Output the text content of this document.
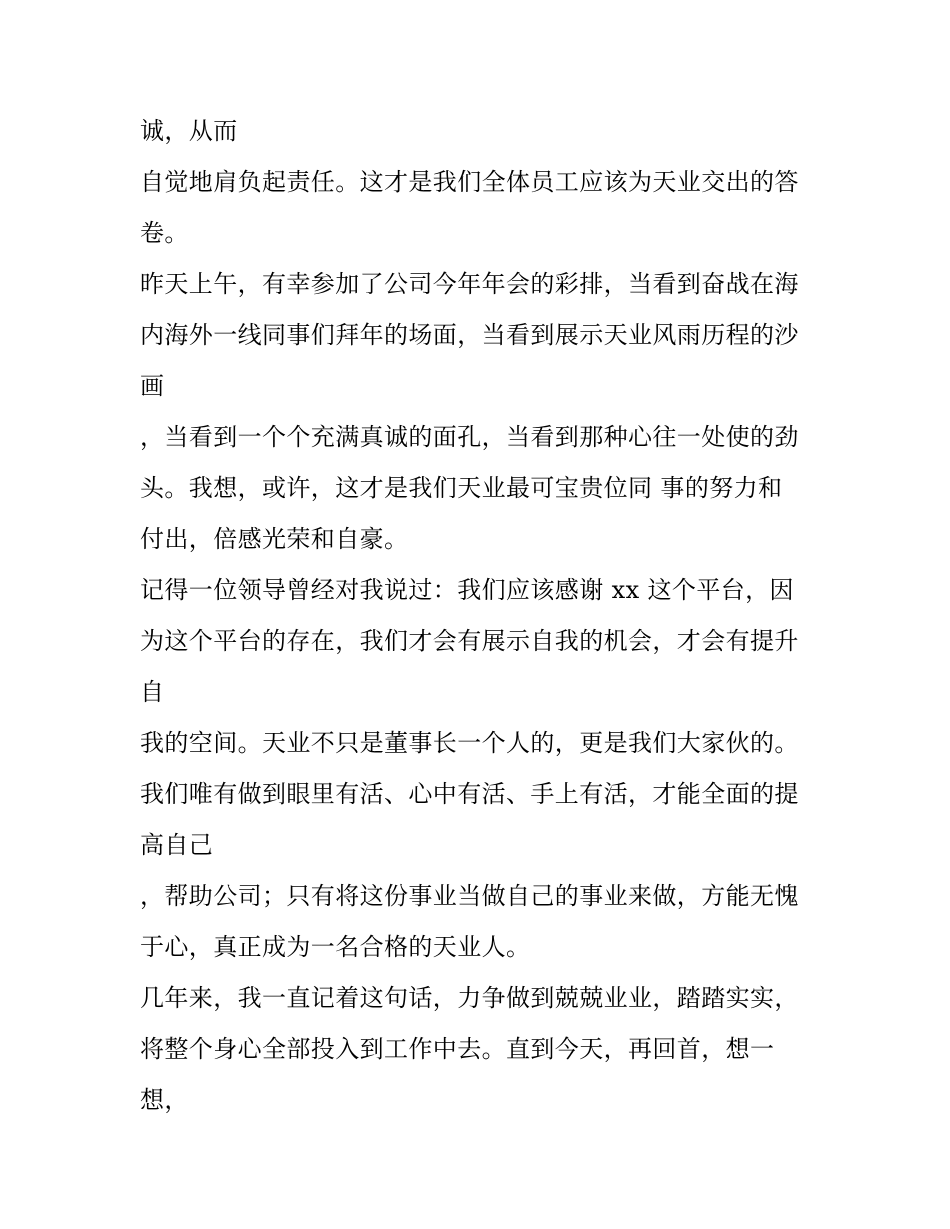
诚，从而
自觉地肩负起责任。这才是我们全体员工应该为天业交出的答
卷。
昨天上午，有幸参加了公司今年年会的彩排，当看到奋战在海
内海外一线同事们拜年的场面，当看到展示天业风雨历程的沙
画
，当看到一个个充满真诚的面孔，当看到那种心往一处使的劲
头。我想，或许，这才是我们天业最可宝贵位同 事的努力和
付出，倍感光荣和自豪。
记得一位领导曾经对我说过：我们应该感谢 xx 这个平台，因
为这个平台的存在，我们才会有展示自我的机会，才会有提升
自
我的空间。天业不只是董事长一个人的，更是我们大家伙的。
我们唯有做到眼里有活、心中有活、手上有活，才能全面的提
高自己
，帮助公司；只有将这份事业当做自己的事业来做，方能无愧
于心，真正成为一名合格的天业人。
几年来，我一直记着这句话，力争做到兢兢业业，踏踏实实，
将整个身心全部投入到工作中去。直到今天，再回首，想一
想，
